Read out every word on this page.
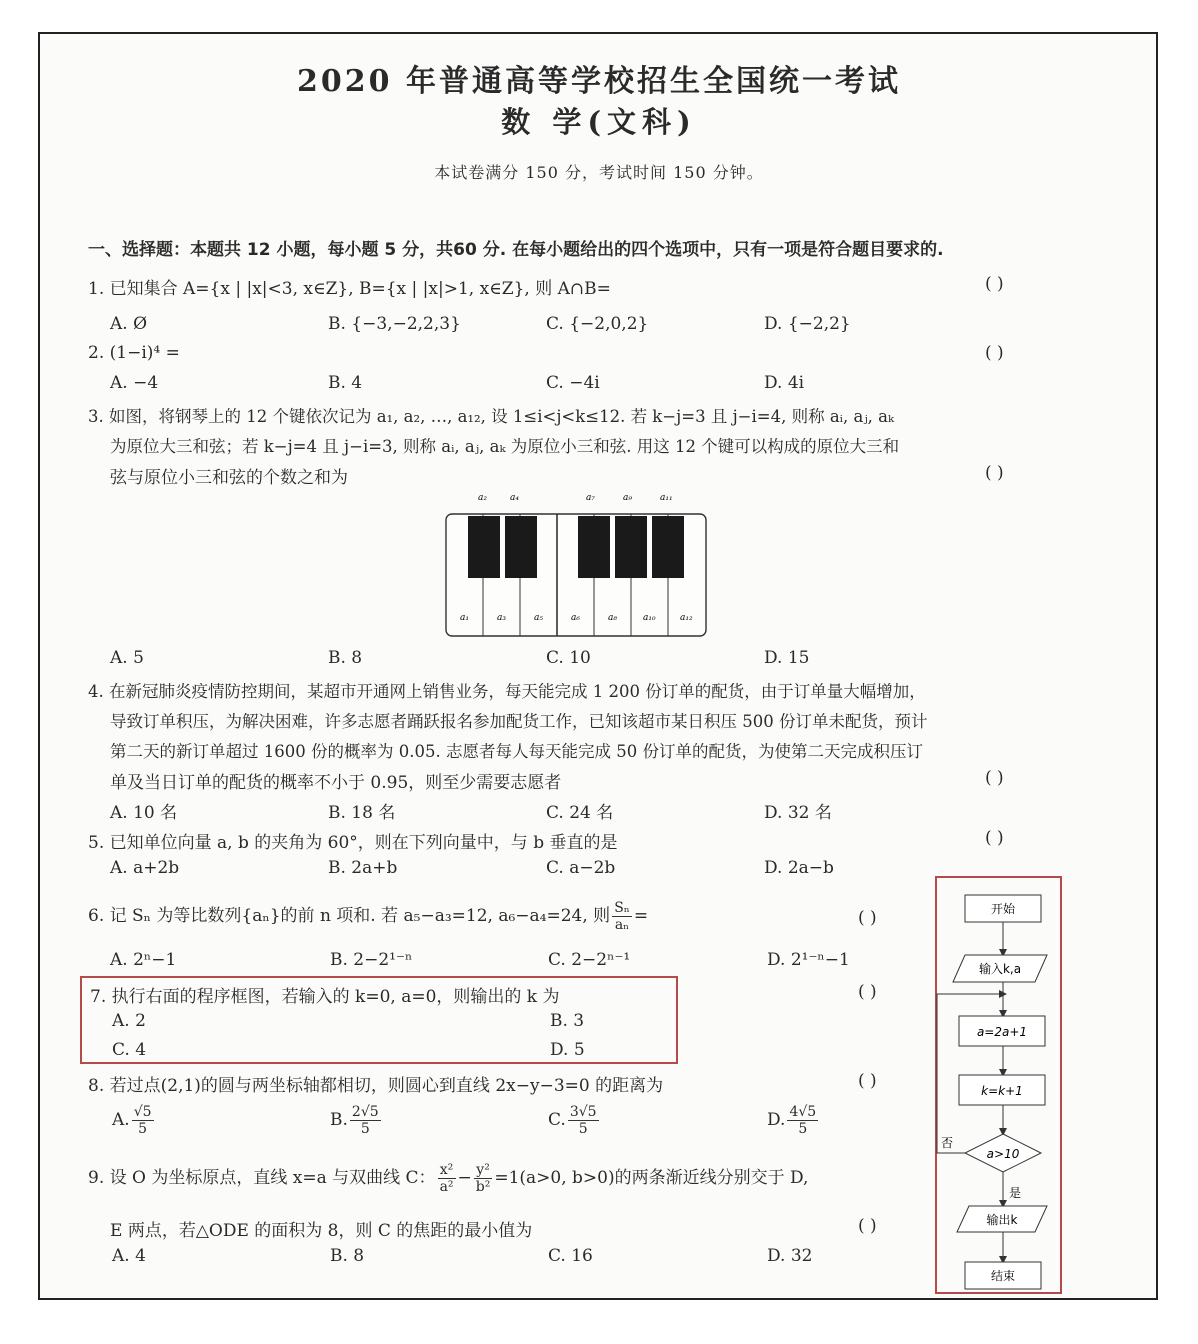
2020 年普通高等学校招生全国统一考试
数 学(文科)
本试卷满分 150 分，考试时间 150 分钟。
一、选择题：本题共 12 小题，每小题 5 分，共60 分. 在每小题给出的四个选项中，只有一项是符合题目要求的.
1. 已知集合 A={x | |x|<3, x∈Z}, B={x | |x|>1, x∈Z}, 则 A∩B=	( )
A. Ø	B. {−3,−2,2,3}	C. {−2,0,2}	D. {−2,2}
2. (1−i)⁴ =	( )
A. −4	B. 4	C. −4i	D. 4i
3. 如图，将钢琴上的 12 个键依次记为 a₁, a₂, …, a₁₂, 设 1≤i<j<k≤12. 若 k−j=3 且 j−i=4, 则称 aᵢ, aⱼ, aₖ
为原位大三和弦；若 k−j=4 且 j−i=3, 则称 aᵢ, aⱼ, aₖ 为原位小三和弦. 用这 12 个键可以构成的原位大三和
弦与原位小三和弦的个数之和为	( )
a₂	a₄	a₇	a₉	a₁₁
a₁	a₃	a₅	a₆	a₈	a₁₀	a₁₂
A. 5	B. 8	C. 10	D. 15
4. 在新冠肺炎疫情防控期间，某超市开通网上销售业务，每天能完成 1 200 份订单的配货，由于订单量大幅增加，
导致订单积压，为解决困难，许多志愿者踊跃报名参加配货工作，已知该超市某日积压 500 份订单未配货，预计
第二天的新订单超过 1600 份的概率为 0.05. 志愿者每人每天能完成 50 份订单的配货，为使第二天完成积压订
单及当日订单的配货的概率不小于 0.95，则至少需要志愿者	( )
A. 10 名	B. 18 名	C. 24 名	D. 32 名
5. 已知单位向量 a, b 的夹角为 60°，则在下列向量中，与 b 垂直的是	( )
A. a+2b	B. 2a+b	C. a−2b	D. 2a−b
6. 记 Sₙ 为等比数列{aₙ}的前 n 项和. 若 a₅−a₃=12, a₆−a₄=24, 则 $\frac{\text{Sₙ}}{\text{aₙ}}$ =	( )
A. 2ⁿ−1	B. 2−2¹⁻ⁿ	C. 2−2ⁿ⁻¹	D. 2¹⁻ⁿ−1
7. 执行右面的程序框图，若输入的 k=0, a=0，则输出的 k 为	( )
A. 2	B. 3
C. 4	D. 5
8. 若过点(2,1)的圆与两坐标轴都相切，则圆心到直线 2x−y−3=0 的距离为	( )
A. $\frac{√5}{5}$	B. $\frac{2√5}{5}$	C. $\frac{3√5}{5}$	D. $\frac{4√5}{5}$
9. 设 O 为坐标原点，直线 x=a 与双曲线 C： $\frac{\text{x²}}{\text{a²}} - \frac{\text{y²}}{\text{b²}} =1(a>0$, b>0)的两条渐近线分别交于 D,
E 两点，若△ODE 的面积为 8，则 C 的焦距的最小值为	( )
A. 4	B. 8	C. 16	D. 32
开始
输入k,a
a=2a+1
k=k+1
a>10
否
是
输出k
结束
